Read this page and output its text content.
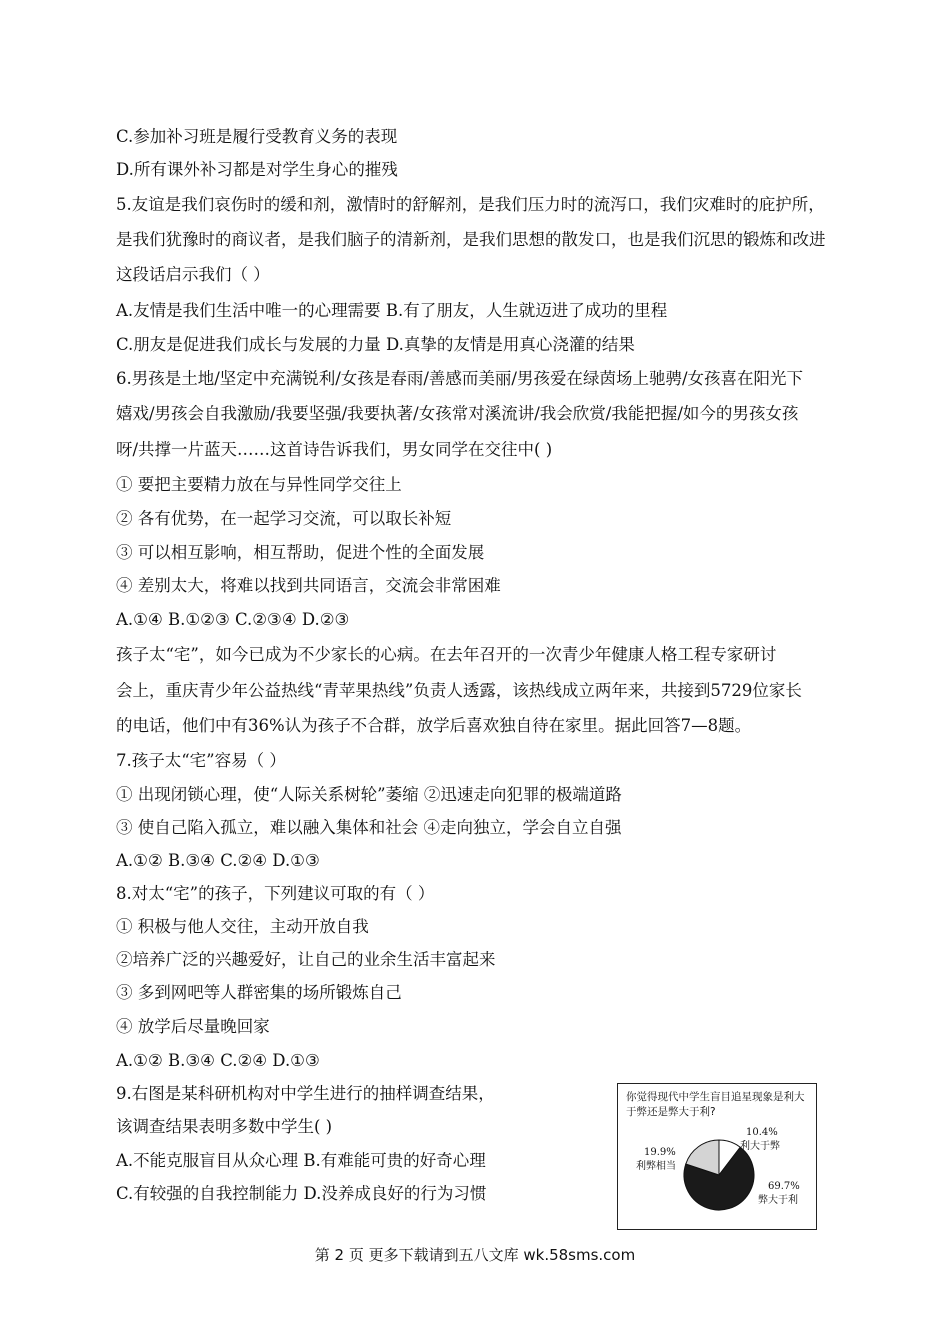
C.参加补习班是履行受教育义务的表现
D.所有课外补习都是对学生身心的摧残
5.友谊是我们哀伤时的缓和剂，激情时的舒解剂，是我们压力时的流泻口，我们灾难时的庇护所，
是我们犹豫时的商议者，是我们脑子的清新剂，是我们思想的散发口，也是我们沉思的锻炼和改进
这段话启示我们（ ）
A.友情是我们生活中唯一的心理需要 B.有了朋友，人生就迈进了成功的里程
C.朋友是促进我们成长与发展的力量 D.真挚的友情是用真心浇灌的结果
6.男孩是土地/坚定中充满锐利/女孩是春雨/善感而美丽/男孩爱在绿茵场上驰骋/女孩喜在阳光下
嬉戏/男孩会自我激励/我要坚强/我要执著/女孩常对溪流讲/我会欣赏/我能把握/如今的男孩女孩
呀/共撑一片蓝天……这首诗告诉我们，男女同学在交往中( )
① 要把主要精力放在与异性同学交往上
② 各有优势，在一起学习交流，可以取长补短
③ 可以相互影响，相互帮助，促进个性的全面发展
④ 差别太大，将难以找到共同语言，交流会非常困难
A.①④ B.①②③ C.②③④ D.②③
孩子太“宅”，如今已成为不少家长的心病。在去年召开的一次青少年健康人格工程专家研讨
会上，重庆青少年公益热线“青苹果热线”负责人透露，该热线成立两年来，共接到5729位家长
的电话，他们中有36%认为孩子不合群，放学后喜欢独自待在家里。据此回答7—8题。
7.孩子太“宅”容易（ ）
① 出现闭锁心理，使“人际关系树轮”萎缩 ②迅速走向犯罪的极端道路
③ 使自己陷入孤立，难以融入集体和社会 ④走向独立，学会自立自强
A.①② B.③④ C.②④ D.①③
8.对太“宅”的孩子，下列建议可取的有（ ）
① 积极与他人交往，主动开放自我
②培养广泛的兴趣爱好，让自己的业余生活丰富起来
③ 多到网吧等人群密集的场所锻炼自己
④ 放学后尽量晚回家
A.①② B.③④ C.②④ D.①③
9.右图是某科研机构对中学生进行的抽样调查结果，
该调查结果表明多数中学生( )
A.不能克服盲目从众心理 B.有难能可贵的好奇心理
C.有较强的自我控制能力 D.没养成良好的行为习惯
你觉得现代中学生盲目追星现象是利大于弊还是弊大于利?
10.4%
利大于弊
19.9%
利弊相当
69.7%
弊大于利
第 2 页 更多下载请到五八文库 wk.58sms.com
